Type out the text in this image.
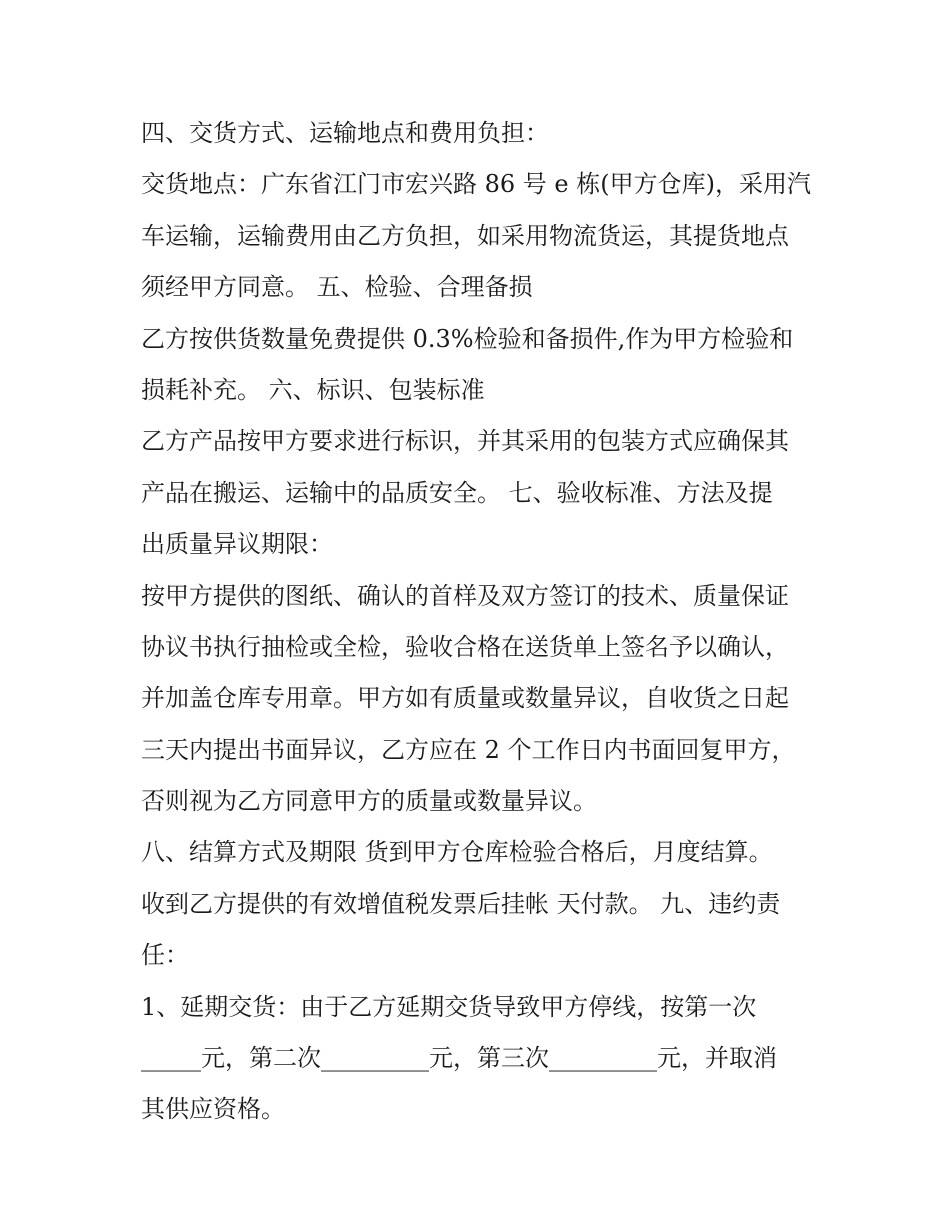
四、交货方式、运输地点和费用负担：
交货地点：广东省江门市宏兴路 86 号 e 栋(甲方仓库)，采用汽
车运输，运输费用由乙方负担，如采用物流货运，其提货地点
须经甲方同意。 五、检验、合理备损
乙方按供货数量免费提供 0.3%检验和备损件,作为甲方检验和
损耗补充。 六、标识、包装标准
乙方产品按甲方要求进行标识，并其采用的包装方式应确保其
产品在搬运、运输中的品质安全。 七、验收标准、方法及提
出质量异议期限：
按甲方提供的图纸、确认的首样及双方签订的技术、质量保证
协议书执行抽检或全检，验收合格在送货单上签名予以确认，
并加盖仓库专用章。甲方如有质量或数量异议，自收货之日起
三天内提出书面异议，乙方应在 2 个工作日内书面回复甲方，
否则视为乙方同意甲方的质量或数量异议。
八、结算方式及期限 货到甲方仓库检验合格后，月度结算。
收到乙方提供的有效增值税发票后挂帐 天付款。 九、违约责
任：
1、延期交货：由于乙方延期交货导致甲方停线，按第一次
_____元，第二次_________元，第三次_________元，并取消
其供应资格。
